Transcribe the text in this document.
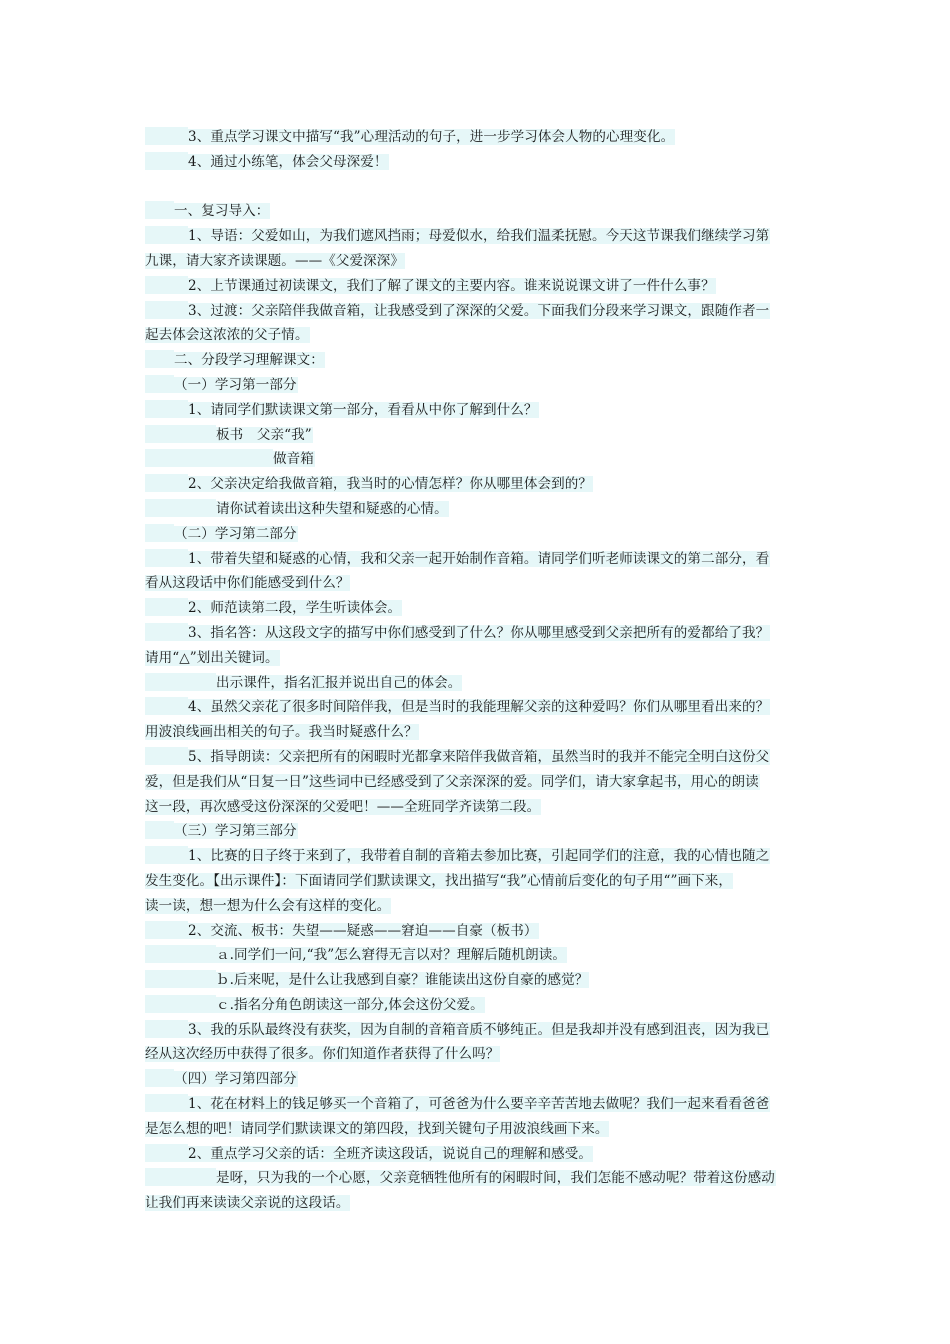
3、重点学习课文中描写“我”心理活动的句子，进一步学习体会人物的心理变化。
4、通过小练笔，体会父母深爱！
一、复习导入：
1、导语：父爱如山，为我们遮风挡雨；母爱似水，给我们温柔抚慰。今天这节课我们继续学习第
九课，请大家齐读课题。——《父爱深深》
2、上节课通过初读课文，我们了解了课文的主要内容。谁来说说课文讲了一件什么事？
3、过渡：父亲陪伴我做音箱，让我感受到了深深的父爱。下面我们分段来学习课文，跟随作者一
起去体会这浓浓的父子情。
二、分段学习理解课文：
（一）学习第一部分
1、请同学们默读课文第一部分，看看从中你了解到什么？
板书　父亲“我”
做音箱
2、父亲决定给我做音箱，我当时的心情怎样？你从哪里体会到的？
请你试着读出这种失望和疑惑的心情。
（二）学习第二部分
1、带着失望和疑惑的心情，我和父亲一起开始制作音箱。请同学们听老师读课文的第二部分，看
看从这段话中你们能感受到什么？
2、师范读第二段，学生听读体会。
3、指名答：从这段文字的描写中你们感受到了什么？你从哪里感受到父亲把所有的爱都给了我？
请用“△”划出关键词。
出示课件，指名汇报并说出自己的体会。
4、虽然父亲花了很多时间陪伴我，但是当时的我能理解父亲的这种爱吗？你们从哪里看出来的？
用波浪线画出相关的句子。我当时疑惑什么？
5、指导朗读：父亲把所有的闲暇时光都拿来陪伴我做音箱，虽然当时的我并不能完全明白这份父
爱，但是我们从“日复一日”这些词中已经感受到了父亲深深的爱。同学们，请大家拿起书，用心的朗读
这一段，再次感受这份深深的父爱吧！——全班同学齐读第二段。
（三）学习第三部分
1、比赛的日子终于来到了，我带着自制的音箱去参加比赛，引起同学们的注意，我的心情也随之
发生变化。【出示课件】：下面请同学们默读课文，找出描写“我”心情前后变化的句子用“”画下来，
读一读，想一想为什么会有这样的变化。
2、交流、板书：失望——疑惑——窘迫——自豪（板书）
ａ.同学们一问,“我”怎么窘得无言以对？理解后随机朗读。
ｂ.后来呢，是什么让我感到自豪？谁能读出这份自豪的感觉？
ｃ.指名分角色朗读这一部分,体会这份父爱。
3、我的乐队最终没有获奖，因为自制的音箱音质不够纯正。但是我却并没有感到沮丧，因为我已
经从这次经历中获得了很多。你们知道作者获得了什么吗？
（四）学习第四部分
1、花在材料上的钱足够买一个音箱了，可爸爸为什么要辛辛苦苦地去做呢？我们一起来看看爸爸
是怎么想的吧！请同学们默读课文的第四段，找到关键句子用波浪线画下来。
2、重点学习父亲的话：全班齐读这段话，说说自己的理解和感受。
是呀，只为我的一个心愿，父亲竟牺牲他所有的闲暇时间，我们怎能不感动呢？带着这份感动
让我们再来读读父亲说的这段话。
